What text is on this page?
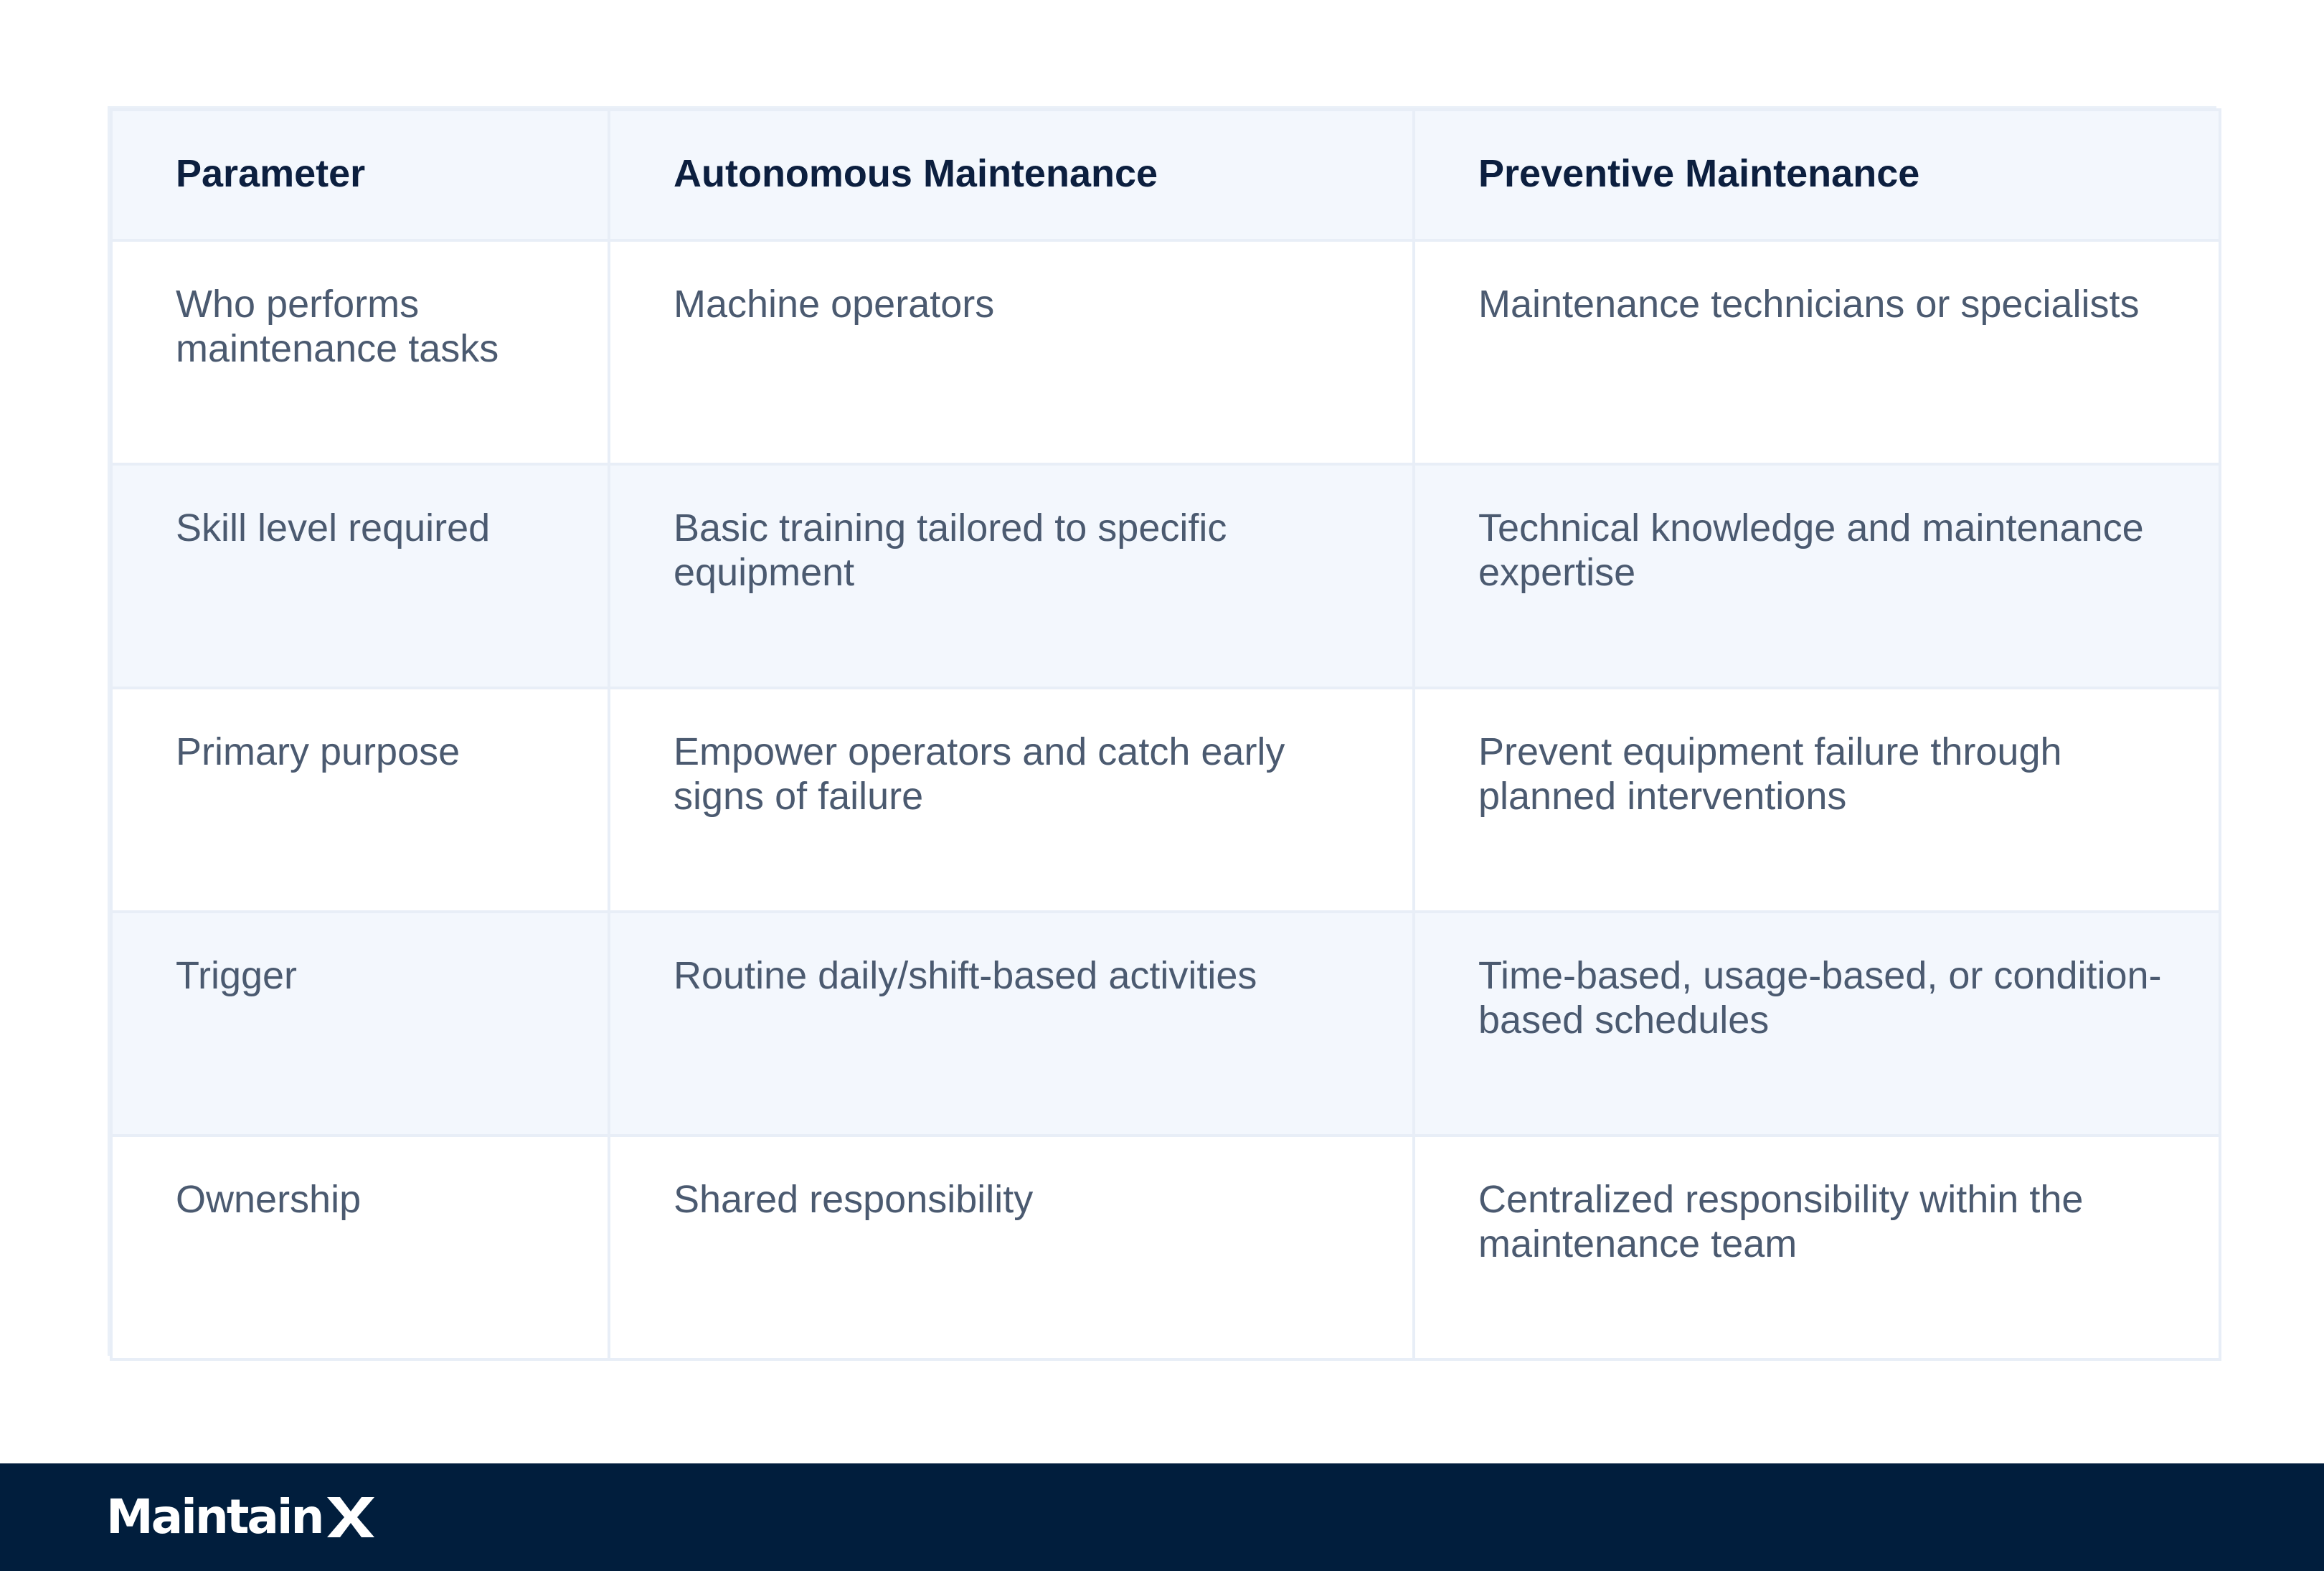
Parameter	Autonomous Maintenance	Preventive Maintenance
Who performs maintenance tasks	Machine operators	Maintenance technicians or specialists
Skill level required	Basic training tailored to specific equipment	Technical knowledge and maintenance expertise
Primary purpose	Empower operators and catch early signs of failure	Prevent equipment failure through planned interventions
Trigger	Routine daily/shift-based activities	Time-based, usage-based, or condition-based schedules
Ownership	Shared responsibility	Centralized responsibility within the maintenance team
Maintain
